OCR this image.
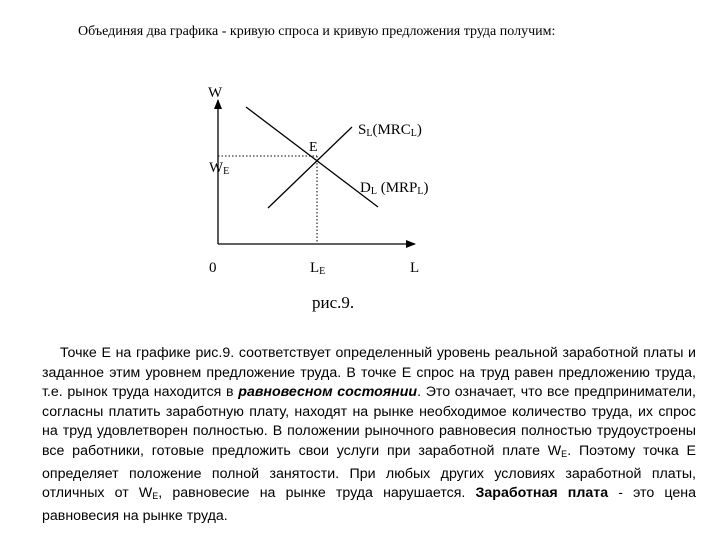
Объединяя два графика - кривую спроса и кривую предложения труда получим:
W
L
0
E
WE
LE
SL(MRCL)
DL (MRPL)
рис.9.

Точке E на графике рис.9. соответствует определенный уровень реальной заработной платы и заданное этим уровнем предложение труда. В точке E спрос на труд равен предложению труда, т.е. рынок труда находится в равновесном состоянии. Это означает, что все предприниматели, согласны платить заработную плату, находят на рынке необходимое количество труда, их спрос на труд удовлетворен полностью. В положении рыночного равновесия полностью трудоустроены все работники, готовые предложить свои услуги при заработной плате $W_E$. Поэтому точка E определяет положение полной занятости. При любых других условиях заработной платы, отличных от $W_E$, равновесие на рынке труда нарушается. Заработная плата - это цена равновесия на рынке труда.
